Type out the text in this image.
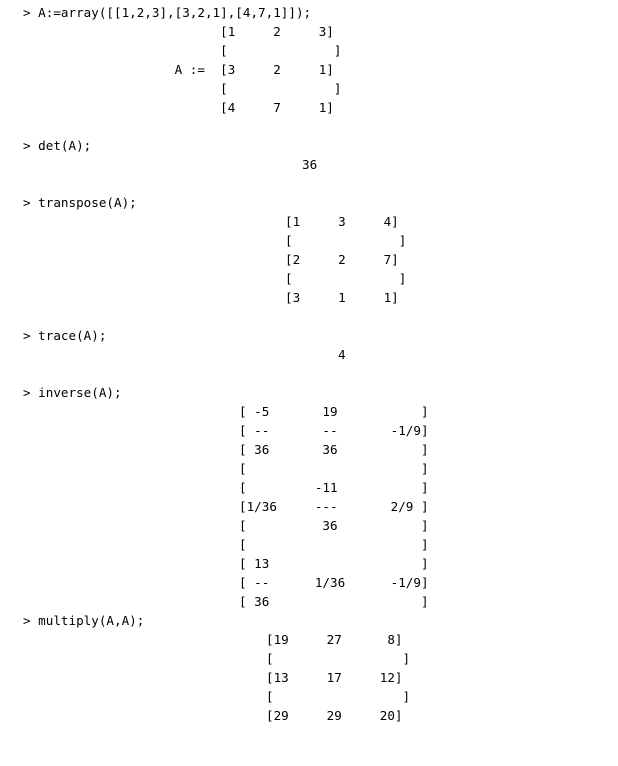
> A:=array([[1,2,3],[3,2,1],[4,7,1]]);
[1     2     3]
[              ]
A :=  [3     2     1]
[              ]
[4     7     1]
> det(A);
36
> transpose(A);
[1     3     4]
[              ]
[2     2     7]
[              ]
[3     1     1]
> trace(A);
4
> inverse(A);
[ -5       19           ]
[ --       --       -1/9]
[ 36       36           ]
[                       ]
[         -11           ]
[1/36     ---       2/9 ]
[          36           ]
[                       ]
[ 13                    ]
[ --      1/36      -1/9]
[ 36                    ]
> multiply(A,A);
[19     27      8]
[                 ]
[13     17     12]
[                 ]
[29     29     20]
